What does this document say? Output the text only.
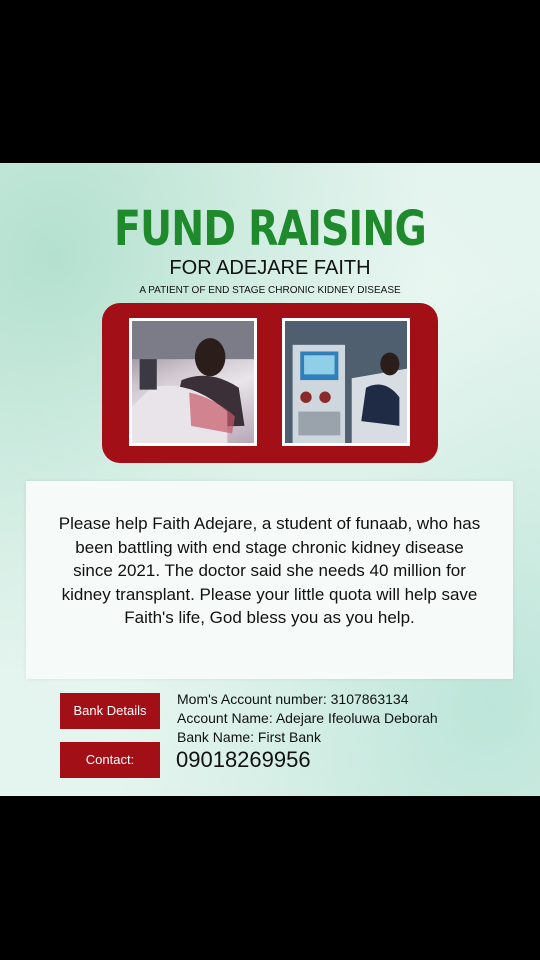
FUND RAISING
FOR ADEJARE FAITH
A PATIENT OF END STAGE CHRONIC KIDNEY DISEASE
Please help Faith Adejare, a student of funaab, who has been battling with end stage chronic kidney disease since 2021. The doctor said she needs 40 million for kidney transplant. Please your little quota will help save Faith's life, God bless you as you help.
Bank Details
Contact:
Mom's Account number: 3107863134
Account Name: Adejare Ifeoluwa Deborah
Bank Name: First Bank
09018269956
